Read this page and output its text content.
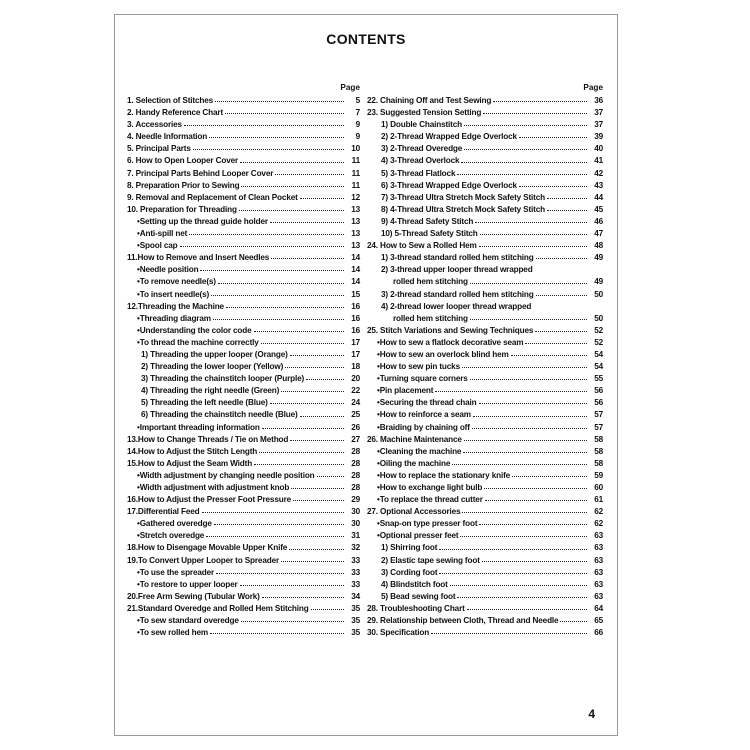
CONTENTS
Page
1. Selection of Stitches	5
2. Handy Reference Chart	7
3. Accessories	9
4. Needle Information	9
5. Principal Parts	10
6. How to Open Looper Cover	11
7. Principal Parts Behind Looper Cover	11
8. Preparation Prior to Sewing	11
9. Removal and Replacement of Clean Pocket	12
10. Preparation for Threading	13
•Setting up the thread guide holder	13
•Anti-spill net	13
•Spool cap	13
11.How to Remove and Insert Needles	14
•Needle position	14
•To remove needle(s)	14
•To insert needle(s)	15
12.Threading the Machine	16
•Threading diagram	16
•Understanding the color code	16
•To thread the machine correctly	17
1) Threading the upper looper (Orange)	17
2) Threading the lower looper (Yellow)	18
3) Threading the chainstitch looper (Purple)	20
4) Threading the right needle (Green)	22
5) Threading the left needle (Blue)	24
6) Threading the chainstitch needle (Blue)	25
•Important threading information	26
13.How to Change Threads / Tie on Method	27
14.How to Adjust the Stitch Length	28
15.How to Adjust the Seam Width	28
•Width adjustment by changing needle position	28
•Width adjustment with adjustment knob	28
16.How to Adjust the Presser Foot Pressure	29
17.Differential Feed	30
•Gathered overedge	30
•Stretch overedge	31
18.How to Disengage Movable Upper Knife	32
19.To Convert Upper Looper to Spreader	33
•To use the spreader	33
•To restore to upper looper	33
20.Free Arm Sewing (Tubular Work)	34
21.Standard Overedge and Rolled Hem Stitching	35
•To sew standard overedge	35
•To sew rolled hem	35
Page
22. Chaining Off and Test Sewing	36
23. Suggested Tension Setting	37
1) Double Chainstitch	37
2) 2-Thread Wrapped Edge Overlock	39
3) 2-Thread Overedge	40
4) 3-Thread Overlock	41
5) 3-Thread Flatlock	42
6) 3-Thread Wrapped Edge Overlock	43
7) 3-Thread Ultra Stretch Mock Safety Stitch	44
8) 4-Thread Ultra Stretch Mock Safety Stitch	45
9) 4-Thread Safety Stitch	46
10) 5-Thread Safety Stitch	47
24. How to Sew a Rolled Hem	48
1) 3-thread standard rolled hem stitching	49
2) 3-thread upper looper thread wrapped
rolled hem stitching	49
3) 2-thread standard rolled hem stitching	50
4) 2-thread lower looper thread wrapped
rolled hem stitching	50
25. Stitch Variations and Sewing Techniques	52
•How to sew a flatlock decorative seam	52
•How to sew an overlock blind hem	54
•How to sew pin tucks	54
•Turning square corners	55
•Pin placement	56
•Securing the thread chain	56
•How to reinforce a seam	57
•Braiding by chaining off	57
26. Machine Maintenance	58
•Cleaning the machine	58
•Oiling the machine	58
•How to replace the stationary knife	59
•How to exchange light bulb	60
•To replace the thread cutter	61
27. Optional Accessories	62
•Snap-on type presser foot	62
•Optional presser feet	63
1) Shirring foot	63
2) Elastic tape sewing foot	63
3) Cording foot	63
4) Blindstitch foot	63
5) Bead sewing foot	63
28. Troubleshooting Chart	64
29. Relationship between Cloth, Thread and Needle	65
30. Specification	66
4
